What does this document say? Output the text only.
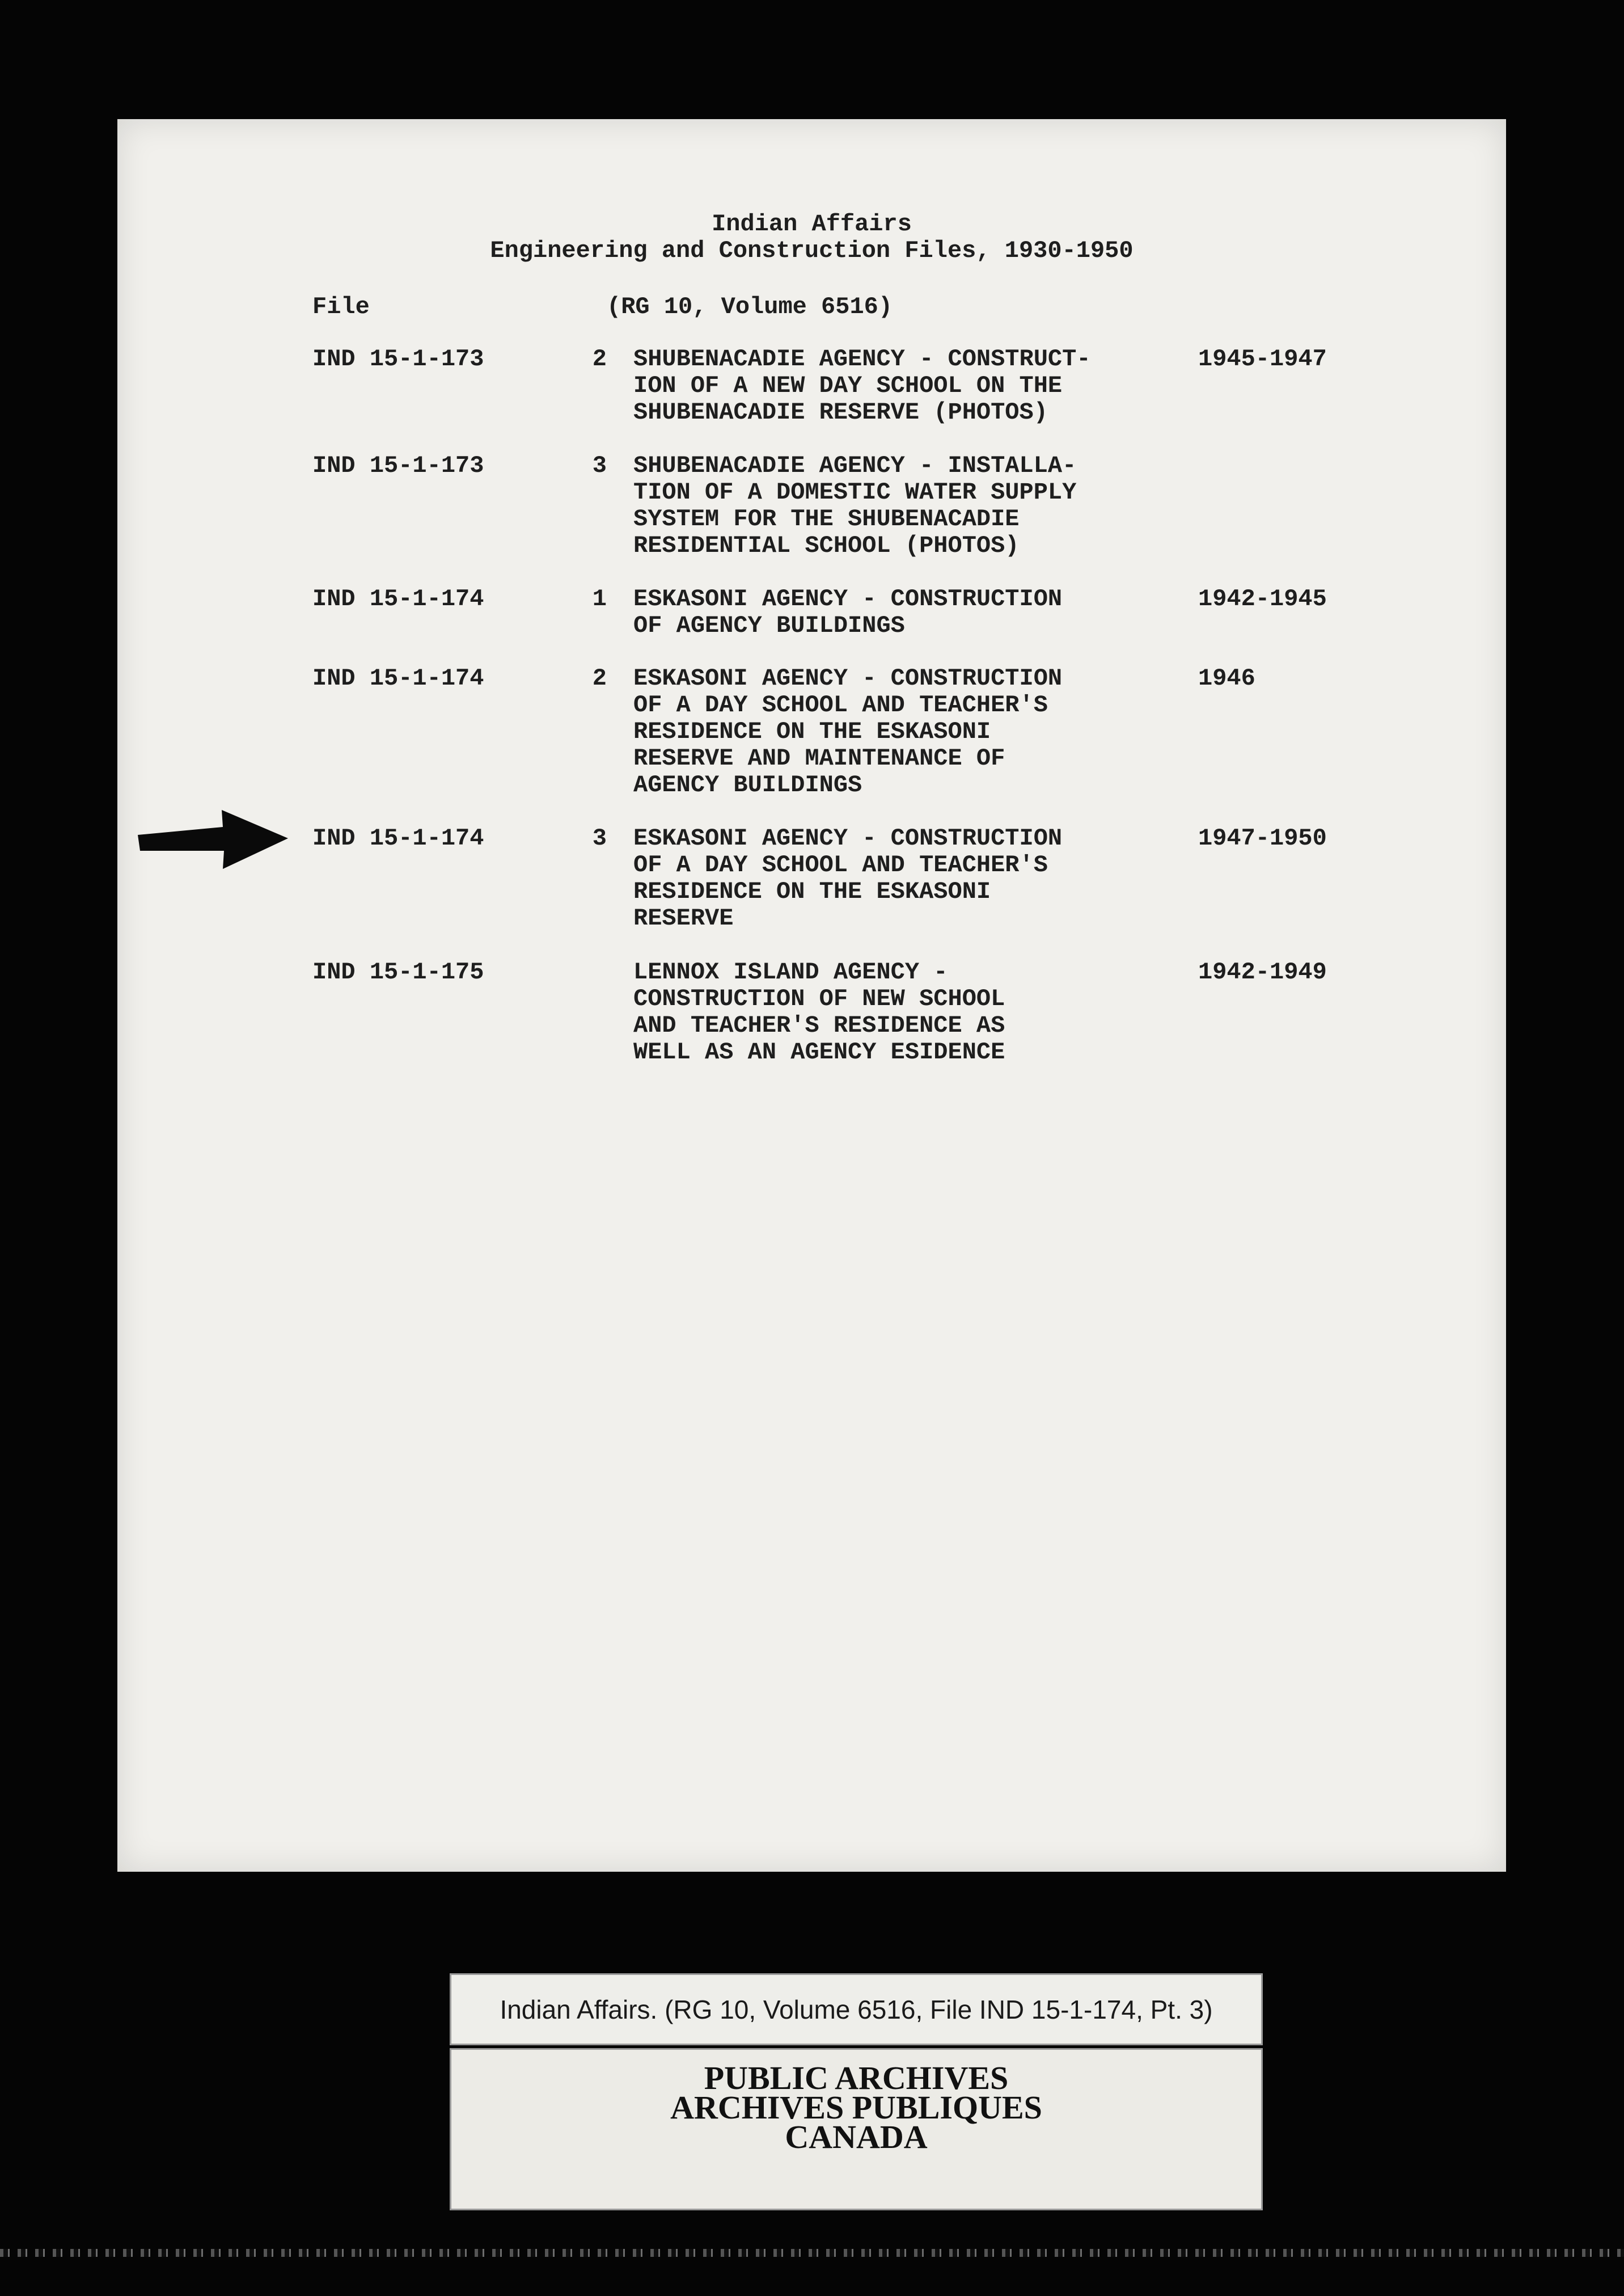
Indian Affairs
Engineering and Construction Files, 1930-1950
File	(RG 10, Volume 6516)
IND 15-1-173	2 SHUBENACADIE AGENCY - CONSTRUCT-
ION OF A NEW DAY SCHOOL ON THE
SHUBENACADIE RESERVE (PHOTOS)
1945-1947
IND 15-1-173	3 SHUBENACADIE AGENCY - INSTALLA-
TION OF A DOMESTIC WATER SUPPLY
SYSTEM FOR THE SHUBENACADIE
RESIDENTIAL SCHOOL (PHOTOS)
IND 15-1-174	1 ESKASONI AGENCY - CONSTRUCTION
OF AGENCY BUILDINGS
1942-1945
IND 15-1-174	2 ESKASONI AGENCY - CONSTRUCTION
OF A DAY SCHOOL AND TEACHER'S
RESIDENCE ON THE ESKASONI
RESERVE AND MAINTENANCE OF
AGENCY BUILDINGS
1946
IND 15-1-174	3 ESKASONI AGENCY - CONSTRUCTION
OF A DAY SCHOOL AND TEACHER'S
RESIDENCE ON THE ESKASONI
RESERVE
1947-1950
IND 15-1-175	LENNOX ISLAND AGENCY -
CONSTRUCTION OF NEW SCHOOL
AND TEACHER'S RESIDENCE AS
WELL AS AN AGENCY ESIDENCE
1942-1949
Indian Affairs. (RG 10, Volume 6516, File IND 15-1-174, Pt. 3)
PUBLIC ARCHIVES
ARCHIVES PUBLIQUES
CANADA
